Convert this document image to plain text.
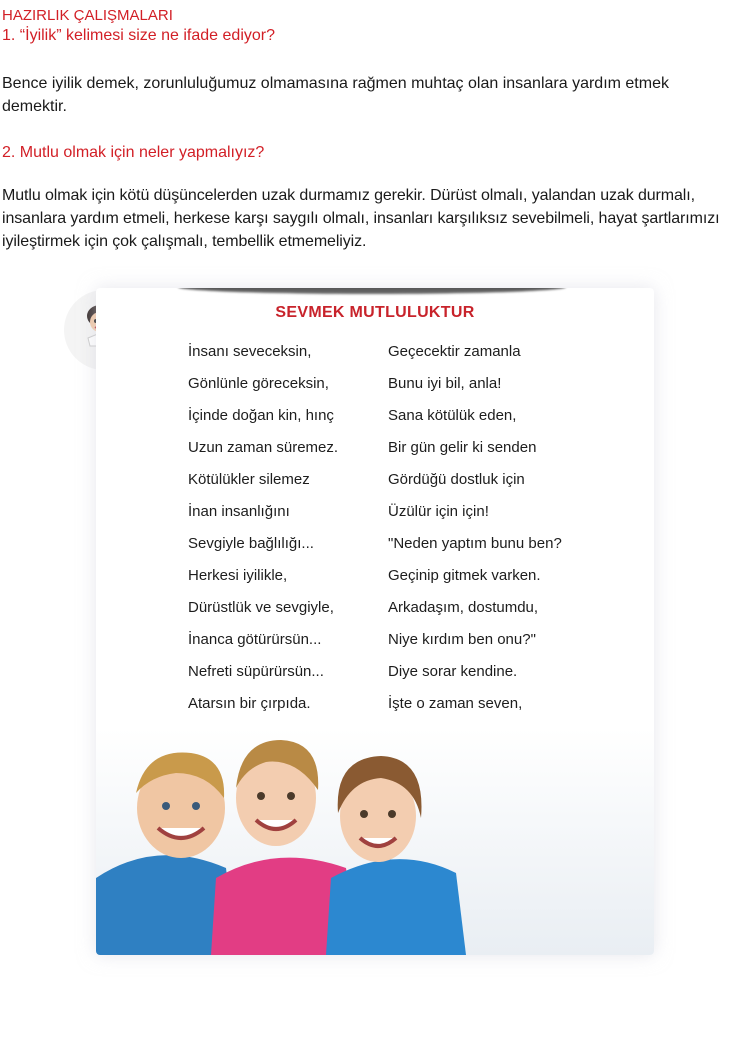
HAZIRLIK ÇALIŞMALARI
1. “İyilik” kelimesi size ne ifade ediyor?

Bence iyilik demek, zorunluluğumuz olmamasına rağmen muhtaç olan insanlara yardım etmek demektir.

2. Mutlu olmak için neler yapmalıyız?

Mutlu olmak için kötü düşüncelerden uzak durmamız gerekir. Dürüst olmalı, yalandan uzak durmalı, insanlara yardım etmeli, herkese karşı saygılı olmalı, insanları karşılıksız sevebilmeli, hayat şartlarımızı iyileştirmek için çok çalışmalı, tembellik etmemeliyiz.

SEVMEK MUTLULUKTUR
İnsanı seveceksin,
Gönlünle göreceksin,
İçinde doğan kin, hınç
Uzun zaman süremez.
Kötülükler silemez
İnan insanlığını
Sevgiyle bağlılığı...
Herkesi iyilikle,
Dürüstlük ve sevgiyle,
İnanca götürürsün...
Nefreti süpürürsün...
Atarsın bir çırpıda.
Geçecektir zamanla
Bunu iyi bil, anla!
Sana kötülük eden,
Bir gün gelir ki senden
Gördüğü dostluk için
Üzülür için için!
"Neden yaptım bunu ben?
Geçinip gitmek varken.
Arkadaşım, dostumdu,
Niye kırdım ben onu?"
Diye sorar kendine.
İşte o zaman seven,
